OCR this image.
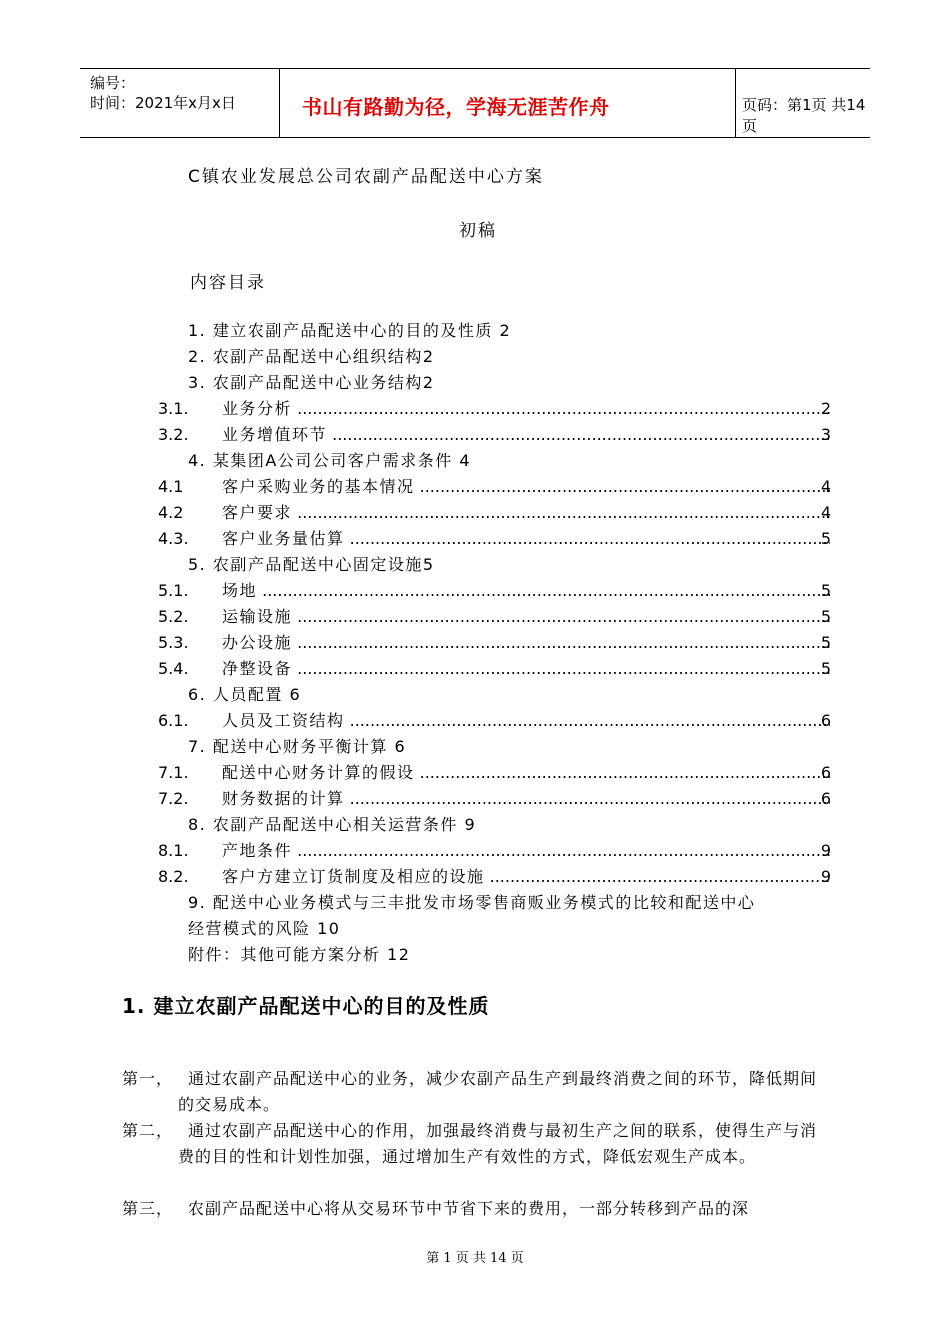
编号：
时间：2021年x月x日	书山有路勤为径，学海无涯苦作舟	页码：第1页 共14页
C镇农业发展总公司农副产品配送中心方案
初稿
内容目录
1. 建立农副产品配送中心的目的及性质 2
2. 农副产品配送中心组织结构2
3. 农副产品配送中心业务结构2
3.1. 业务分析 .....	2
3.2. 业务增值环节 .....	3
4. 某集团A公司公司客户需求条件 4
4.1 客户采购业务的基本情况 .....	4
4.2 客户要求 .....	4
4.3. 客户业务量估算 .....	5
5. 农副产品配送中心固定设施5
5.1. 场地 .....	5
5.2. 运输设施 .....	5
5.3. 办公设施 .....	5
5.4. 净整设备 .....	5
6. 人员配置 6
6.1. 人员及工资结构 .....	6
7. 配送中心财务平衡计算 6
7.1. 配送中心财务计算的假设 .....	6
7.2. 财务数据的计算 .....	6
8. 农副产品配送中心相关运营条件 9
8.1. 产地条件 .....	9
8.2. 客户方建立订货制度及相应的设施 .....	9
9. 配送中心业务模式与三丰批发市场零售商贩业务模式的比较和配送中心
经营模式的风险 10
附件：其他可能方案分析 12
1. 建立农副产品配送中心的目的及性质
第一， 通过农副产品配送中心的业务，减少农副产品生产到最终消费之间的环节，降低期间的交易成本。
第二， 通过农副产品配送中心的作用，加强最终消费与最初生产之间的联系，使得生产与消费的目的性和计划性加强，通过增加生产有效性的方式，降低宏观生产成本。
第三， 农副产品配送中心将从交易环节中节省下来的费用，一部分转移到产品的深
第 1 页 共 14 页
